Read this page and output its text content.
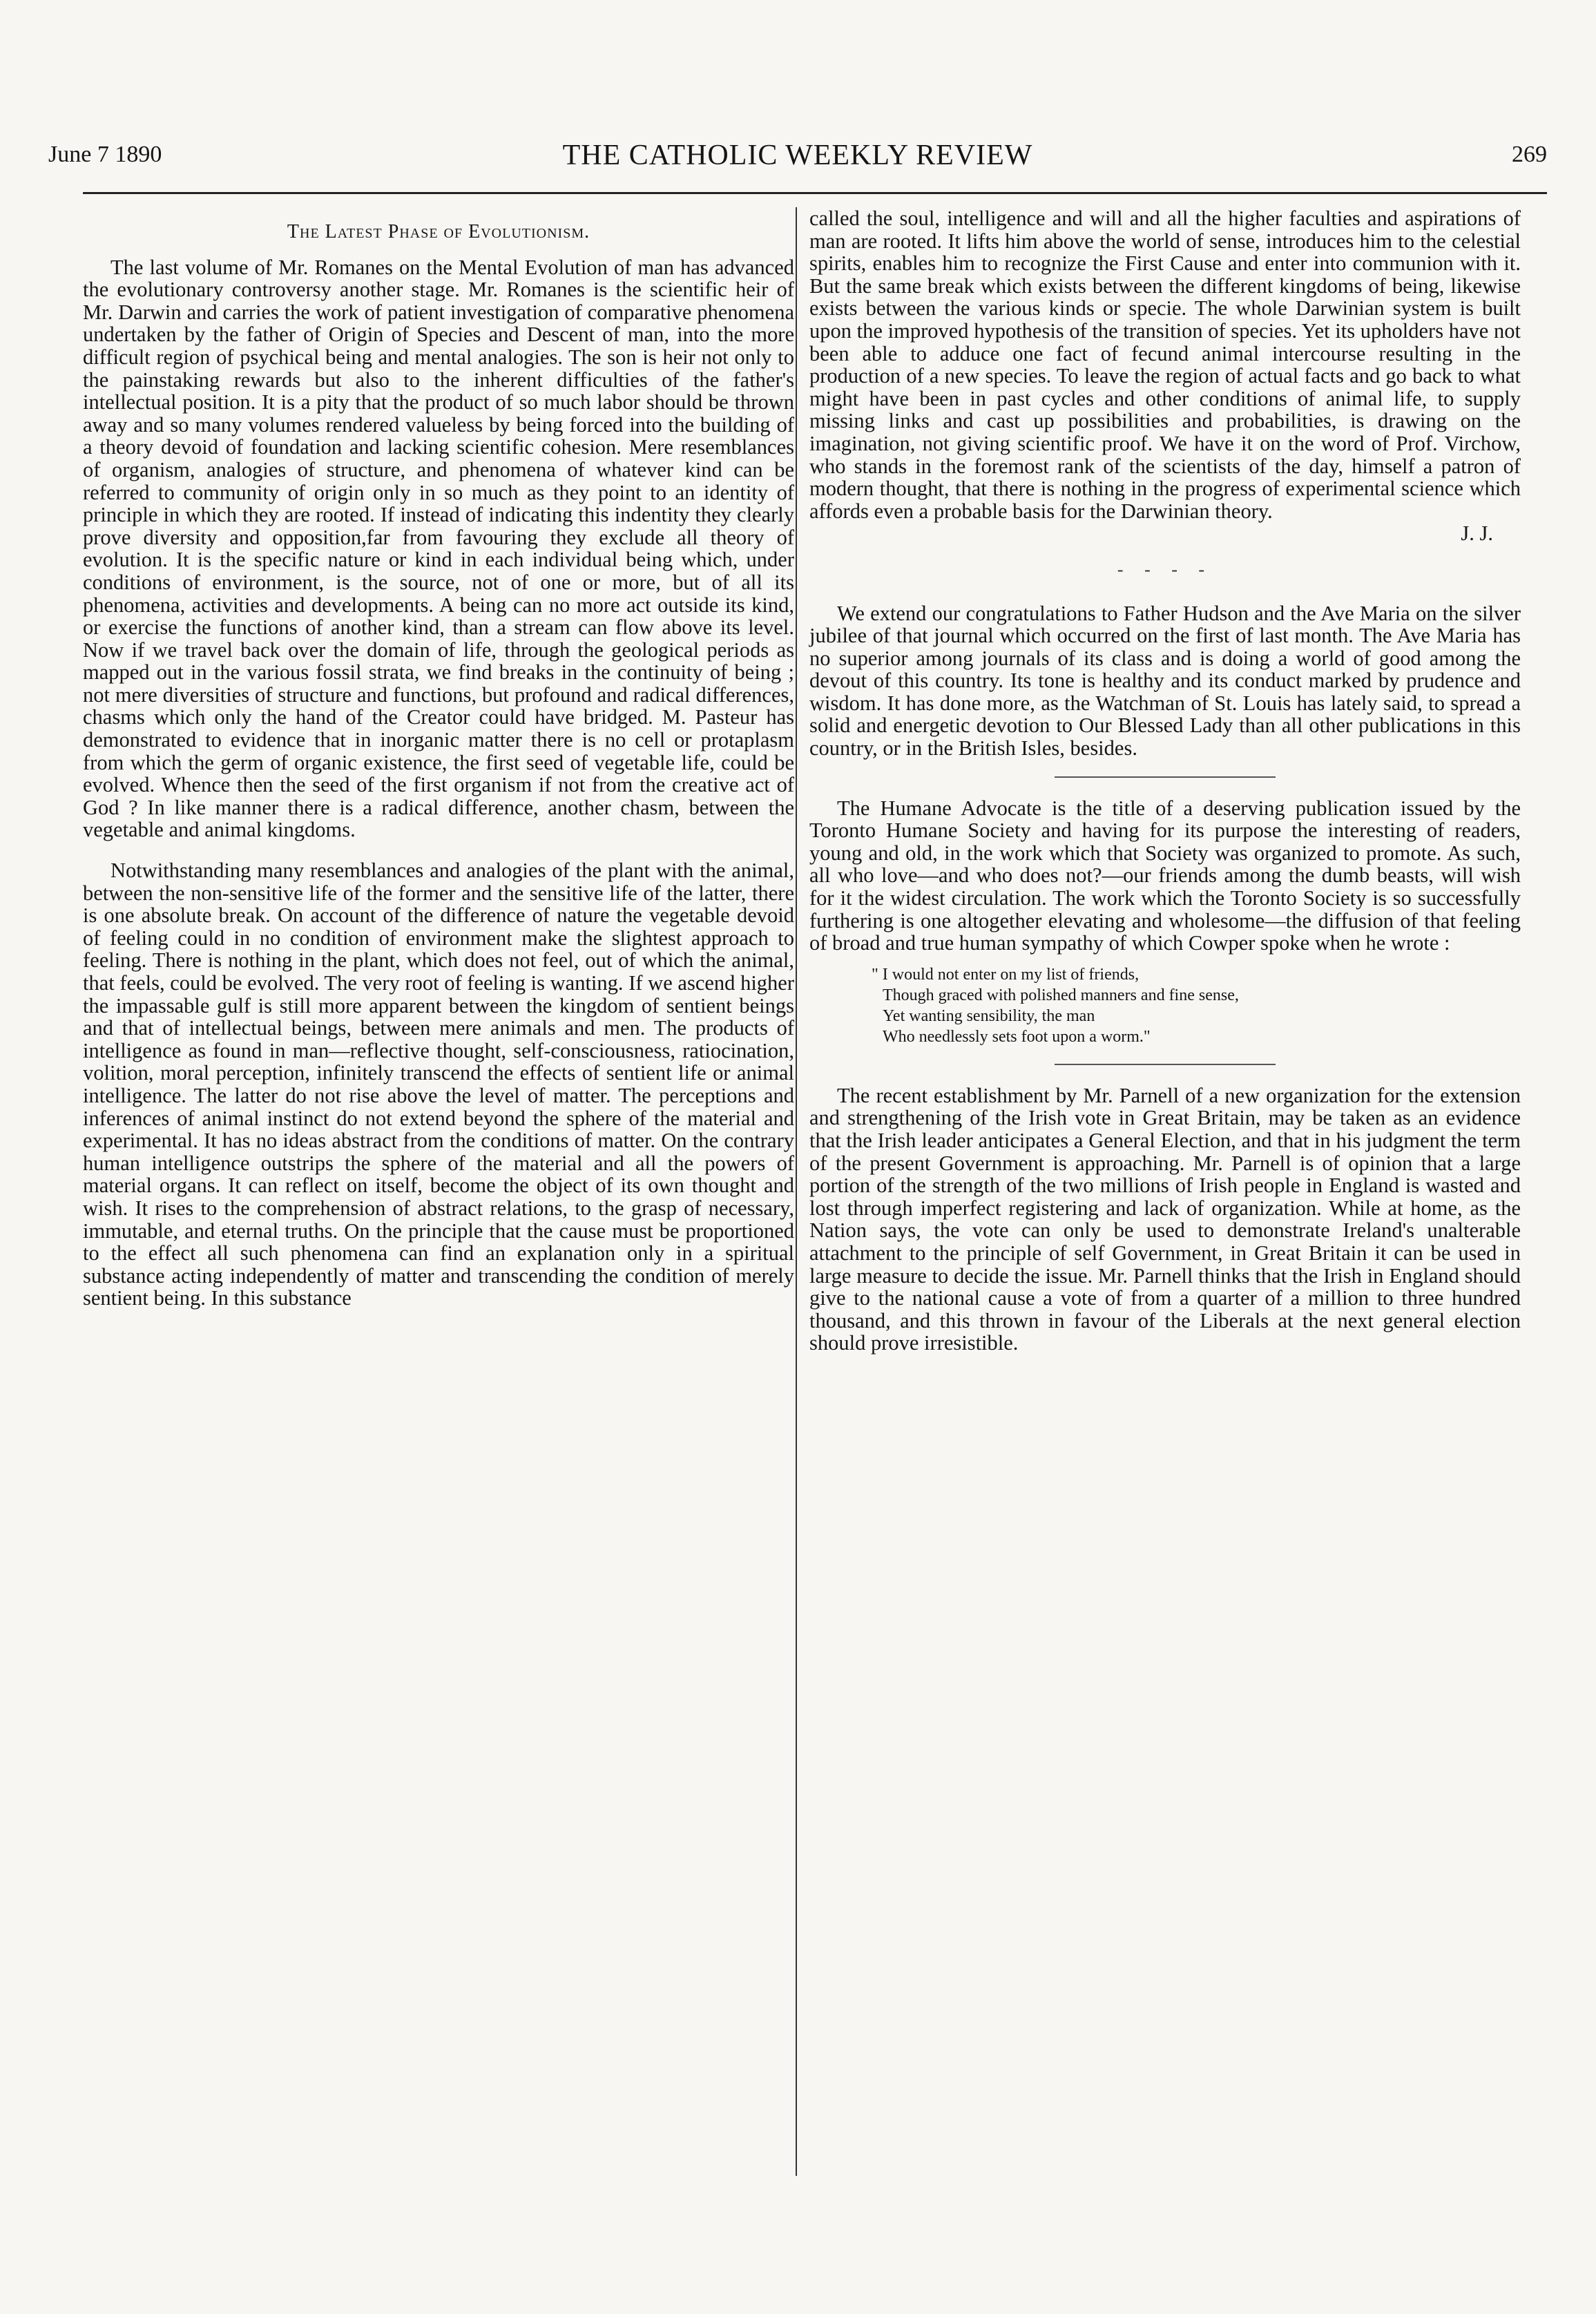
June 7 1890	THE CATHOLIC WEEKLY REVIEW	269

The Latest Phase of Evolutionism.

The last volume of Mr. Romanes on the Mental Evolution of man has advanced the evolutionary controversy another stage. Mr. Romanes is the scientific heir of Mr. Darwin and carries the work of patient investigation of comparative phenomena undertaken by the father of Origin of Species and Descent of man, into the more difficult region of psychical being and mental analogies. The son is heir not only to the painstaking rewards but also to the inherent difficulties of the father's intellectual position. It is a pity that the product of so much labor should be thrown away and so many volumes rendered valueless by being forced into the building of a theory devoid of foundation and lacking scientific cohesion. Mere resemblances of organism, analogies of structure, and phenomena of whatever kind can be referred to community of origin only in so much as they point to an identity of principle in which they are rooted. If instead of indicating this indentity they clearly prove diversity and opposition,far from favouring they exclude all theory of evolution. It is the specific nature or kind in each individual being which, under conditions of environment, is the source, not of one or more, but of all its phenomena, activities and developments. A being can no more act outside its kind, or exercise the functions of another kind, than a stream can flow above its level. Now if we travel back over the domain of life, through the geological periods as mapped out in the various fossil strata, we find breaks in the continuity of being ; not mere diversities of structure and functions, but profound and radical differences, chasms which only the hand of the Creator could have bridged. M. Pasteur has demonstrated to evidence that in inorganic matter there is no cell or protaplasm from which the germ of organic existence, the first seed of vegetable life, could be evolved. Whence then the seed of the first organism if not from the creative act of God ? In like manner there is a radical difference, another chasm, between the vegetable and animal kingdoms.

Notwithstanding many resemblances and analogies of the plant with the animal, between the non-sensitive life of the former and the sensitive life of the latter, there is one absolute break. On account of the difference of nature the vegetable devoid of feeling could in no condition of environment make the slightest approach to feeling. There is nothing in the plant, which does not feel, out of which the animal, that feels, could be evolved. The very root of feeling is wanting. If we ascend higher the impassable gulf is still more apparent between the kingdom of sentient beings and that of intellectual beings, between mere animals and men. The products of intelligence as found in man—reflective thought, self-consciousness, ratiocination, volition, moral perception, infinitely transcend the effects of sentient life or animal intelligence. The latter do not rise above the level of matter. The perceptions and inferences of animal instinct do not extend beyond the sphere of the material and experimental. It has no ideas abstract from the conditions of matter. On the contrary human intelligence outstrips the sphere of the material and all the powers of material organs. It can reflect on itself, become the object of its own thought and wish. It rises to the comprehension of abstract relations, to the grasp of necessary, immutable, and eternal truths. On the principle that the cause must be proportioned to the effect all such phenomena can find an explanation only in a spiritual substance acting independently of matter and transcending the condition of merely sentient being. In this substance

called the soul, intelligence and will and all the higher faculties and aspirations of man are rooted. It lifts him above the world of sense, introduces him to the celestial spirits, enables him to recognize the First Cause and enter into communion with it. But the same break which exists between the different kingdoms of being, likewise exists between the various kinds or specie. The whole Darwinian system is built upon the improved hypothesis of the transition of species. Yet its upholders have not been able to adduce one fact of fecund animal intercourse resulting in the production of a new species. To leave the region of actual facts and go back to what might have been in past cycles and other conditions of animal life, to supply missing links and cast up possibilities and probabilities, is drawing on the imagination, not giving scientific proof. We have it on the word of Prof. Virchow, who stands in the foremost rank of the scientists of the day, himself a patron of modern thought, that there is nothing in the progress of experimental science which affords even a probable basis for the Darwinian theory.

J. J.

- - - -

We extend our congratulations to Father Hudson and the Ave Maria on the silver jubilee of that journal which occurred on the first of last month. The Ave Maria has no superior among journals of its class and is doing a world of good among the devout of this country. Its tone is healthy and its conduct marked by prudence and wisdom. It has done more, as the Watchman of St. Louis has lately said, to spread a solid and energetic devotion to Our Blessed Lady than all other publications in this country, or in the British Isles, besides.

The Humane Advocate is the title of a deserving publication issued by the Toronto Humane Society and having for its purpose the interesting of readers, young and old, in the work which that Society was organized to promote. As such, all who love—and who does not?—our friends among the dumb beasts, will wish for it the widest circulation. The work which the Toronto Society is so successfully furthering is one altogether elevating and wholesome—the diffusion of that feeling of broad and true human sympathy of which Cowper spoke when he wrote :

" I would not enter on my list of friends,
Though graced with polished manners and fine sense,
Yet wanting sensibility, the man
Who needlessly sets foot upon a worm."

The recent establishment by Mr. Parnell of a new organization for the extension and strengthening of the Irish vote in Great Britain, may be taken as an evidence that the Irish leader anticipates a General Election, and that in his judgment the term of the present Government is approaching. Mr. Parnell is of opinion that a large portion of the strength of the two millions of Irish people in England is wasted and lost through imperfect registering and lack of organization. While at home, as the Nation says, the vote can only be used to demonstrate Ireland's unalterable attachment to the principle of self Government, in Great Britain it can be used in large measure to decide the issue. Mr. Parnell thinks that the Irish in England should give to the national cause a vote of from a quarter of a million to three hundred thousand, and this thrown in favour of the Liberals at the next general election should prove irresistible.
